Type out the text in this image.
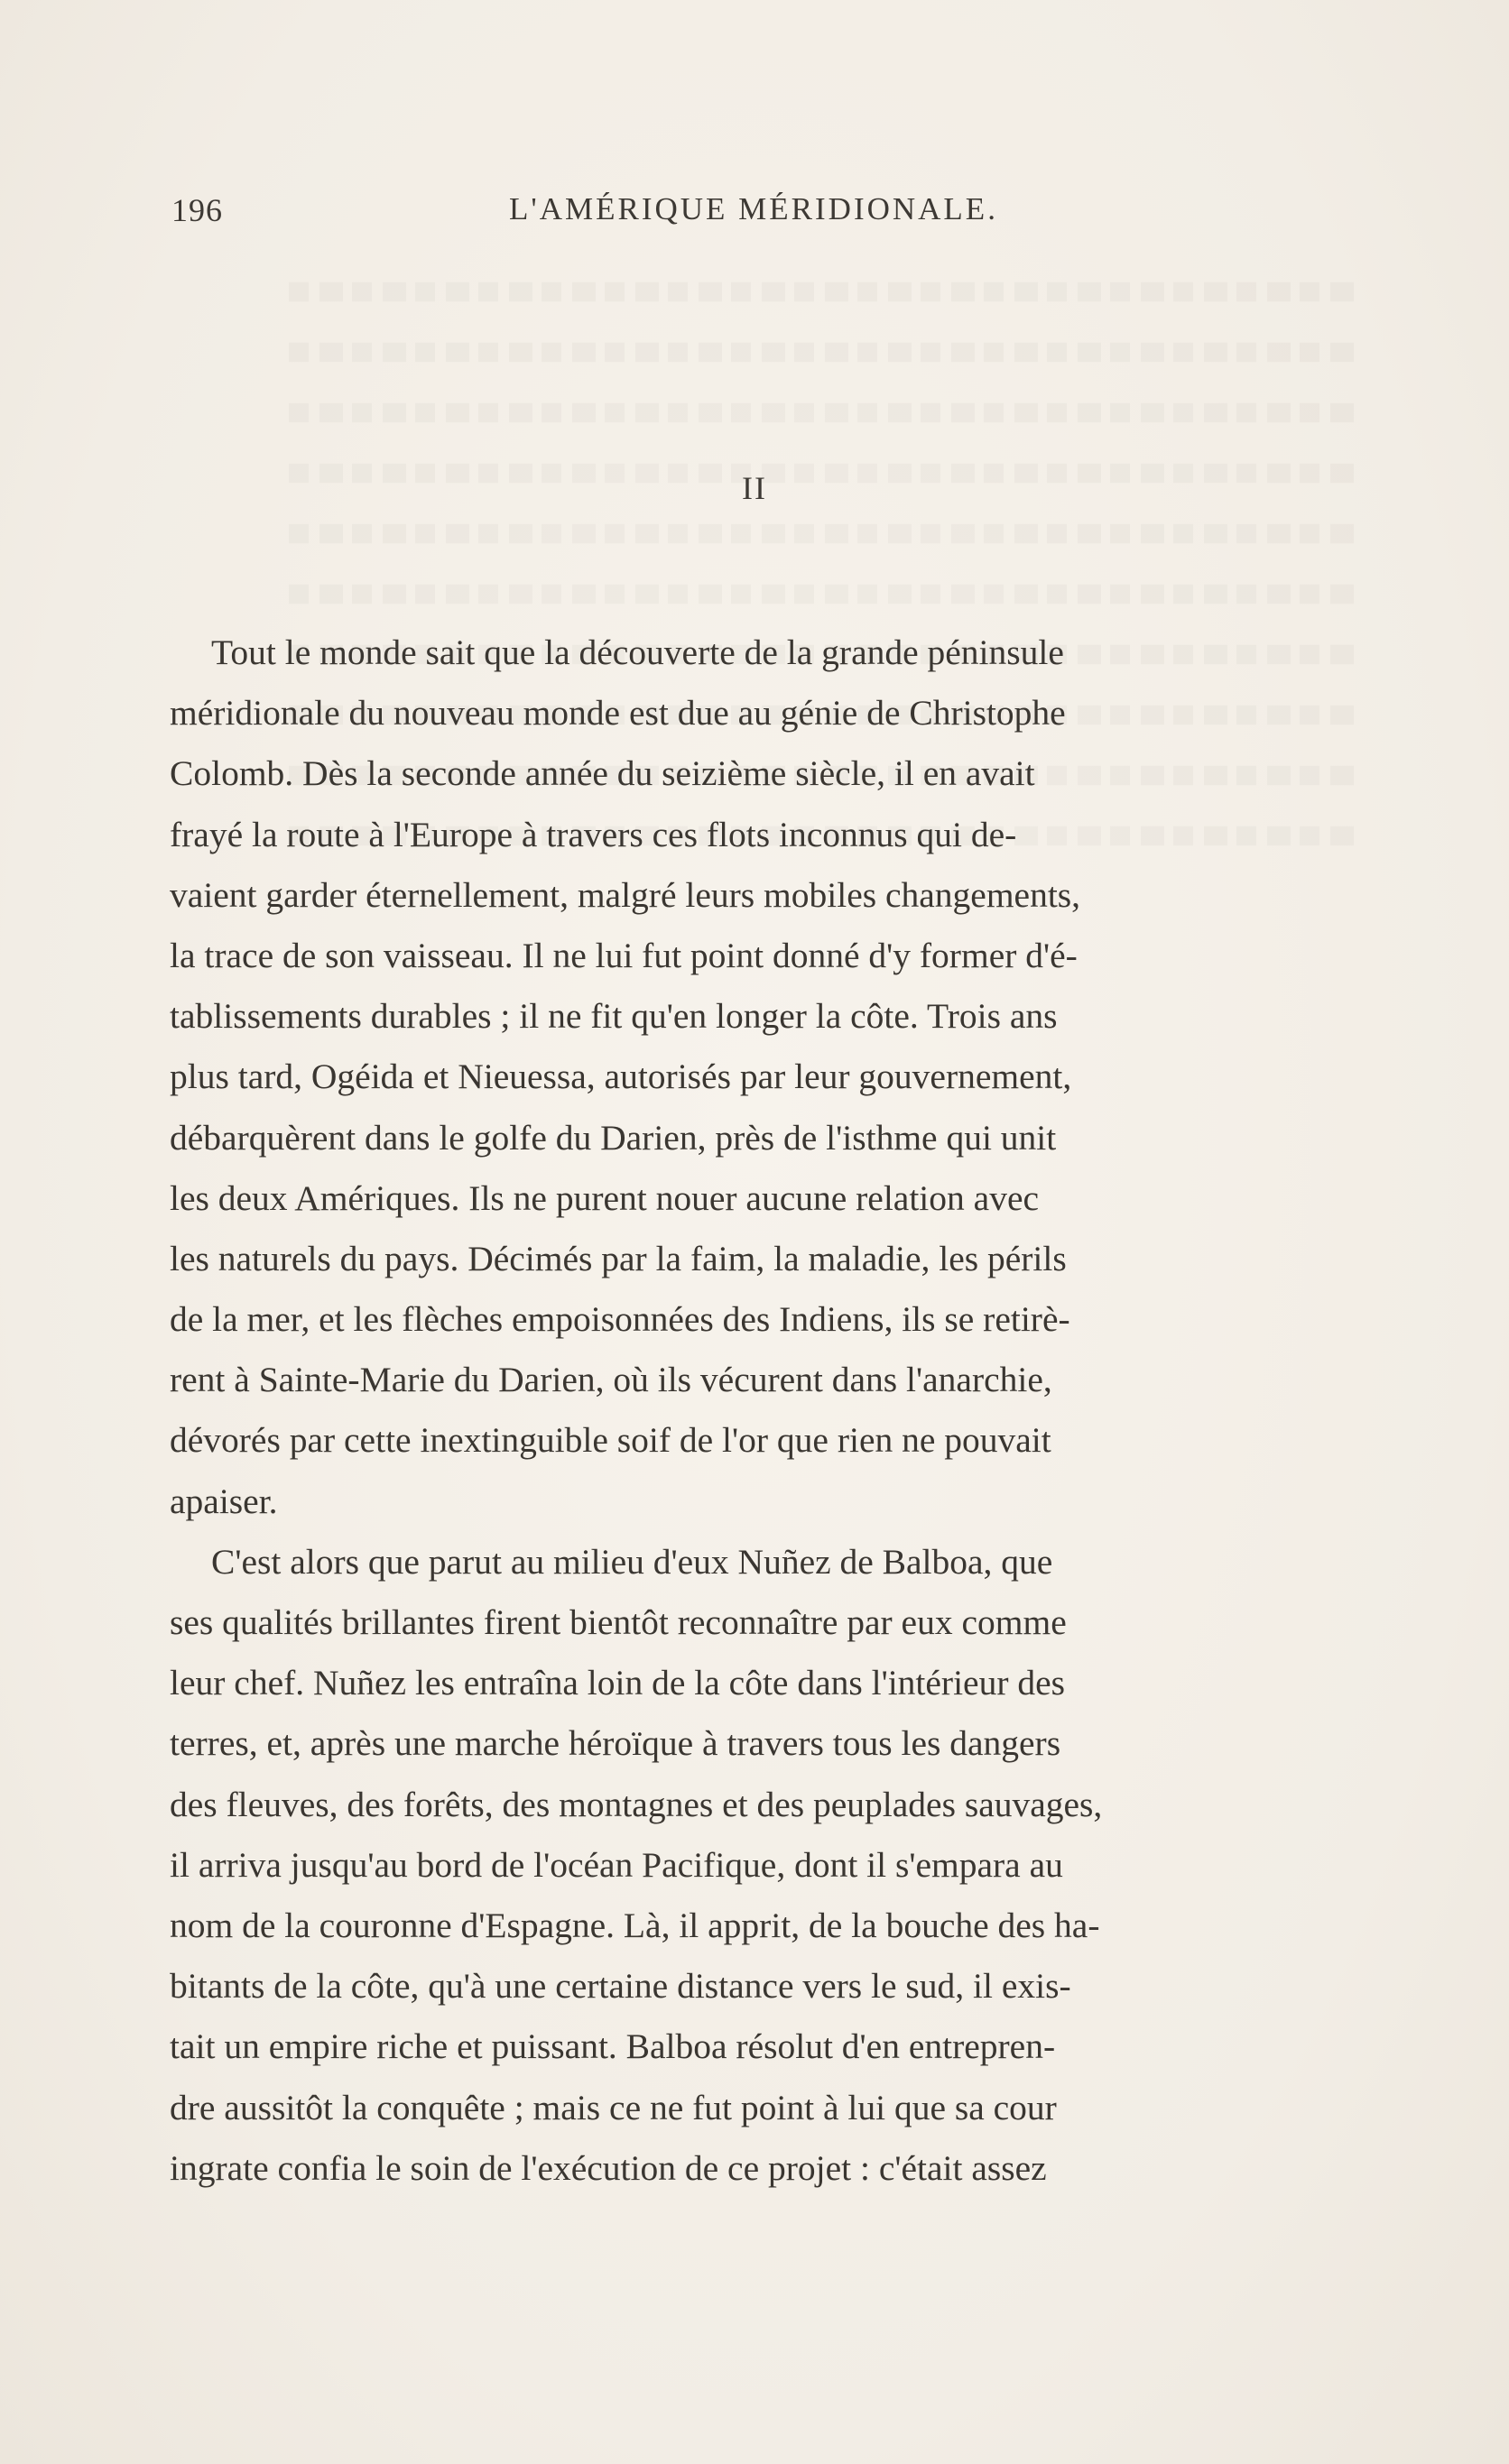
196	L'AMÉRIQUE MÉRIDIONALE.
II
Tout le monde sait que la découverte de la grande péninsule
méridionale du nouveau monde est due au génie de Christophe
Colomb. Dès la seconde année du seizième siècle, il en avait
frayé la route à l'Europe à travers ces flots inconnus qui de-
vaient garder éternellement, malgré leurs mobiles changements,
la trace de son vaisseau. Il ne lui fut point donné d'y former d'é-
tablissements durables ; il ne fit qu'en longer la côte. Trois ans
plus tard, Ogéida et Nieuessa, autorisés par leur gouvernement,
débarquèrent dans le golfe du Darien, près de l'isthme qui unit
les deux Amériques. Ils ne purent nouer aucune relation avec
les naturels du pays. Décimés par la faim, la maladie, les périls
de la mer, et les flèches empoisonnées des Indiens, ils se retirè-
rent à Sainte-Marie du Darien, où ils vécurent dans l'anarchie,
dévorés par cette inextinguible soif de l'or que rien ne pouvait
apaiser.
C'est alors que parut au milieu d'eux Nuñez de Balboa, que
ses qualités brillantes firent bientôt reconnaître par eux comme
leur chef. Nuñez les entraîna loin de la côte dans l'intérieur des
terres, et, après une marche héroïque à travers tous les dangers
des fleuves, des forêts, des montagnes et des peuplades sauvages,
il arriva jusqu'au bord de l'océan Pacifique, dont il s'empara au
nom de la couronne d'Espagne. Là, il apprit, de la bouche des ha-
bitants de la côte, qu'à une certaine distance vers le sud, il exis-
tait un empire riche et puissant. Balboa résolut d'en entrepren-
dre aussitôt la conquête ; mais ce ne fut point à lui que sa cour
ingrate confia le soin de l'exécution de ce projet : c'était assez
